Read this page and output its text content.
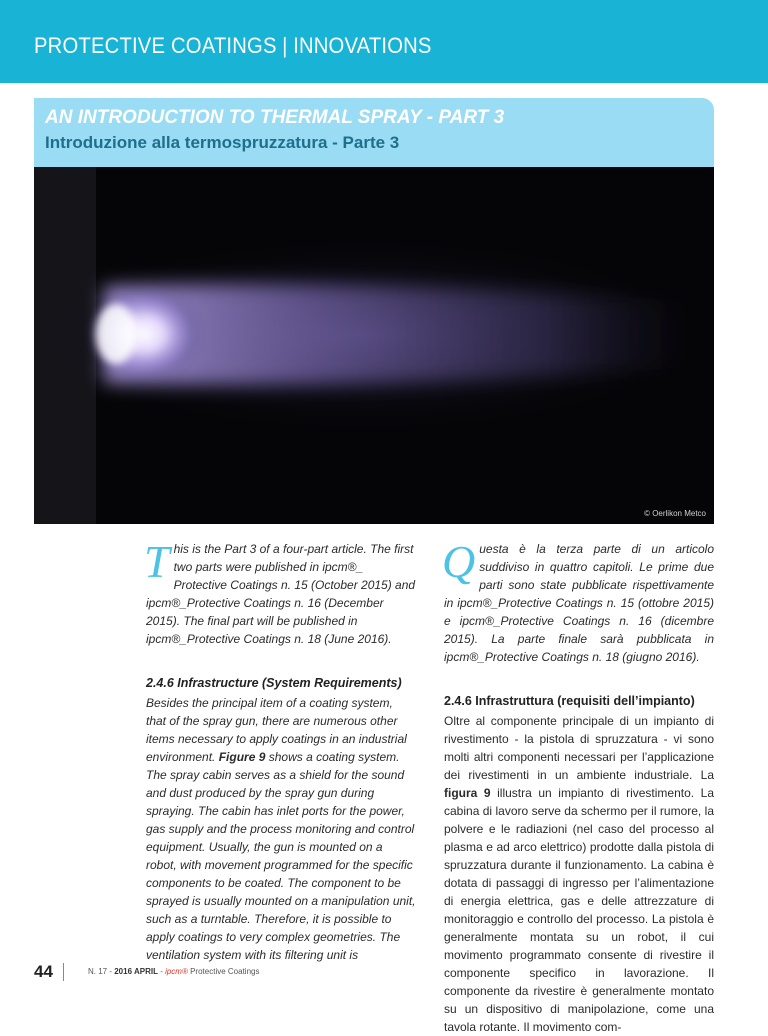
PROTECTIVE COATINGS | INNOVATIONS
AN INTRODUCTION TO THERMAL SPRAY - PART 3
Introduzione alla termospruzzatura - Parte 3
© Oerlikon Metco

This is the Part 3 of a four-part article. The first two parts were published in ipcm®_ Protective Coatings n. 15 (October 2015) and ipcm®_Protective Coatings n. 16 (December 2015). The final part will be published in ipcm®_Protective Coatings n. 18 (June 2016).

2.4.6 Infrastructure (System Requirements)

Besides the principal item of a coating system, that of the spray gun, there are numerous other items necessary to apply coatings in an industrial environment. Figure 9 shows a coating system. The spray cabin serves as a shield for the sound and dust produced by the spray gun during spraying. The cabin has inlet ports for the power, gas supply and the process monitoring and control equipment. Usually, the gun is mounted on a robot, with movement programmed for the specific components to be coated. The component to be sprayed is usually mounted on a manipulation unit, such as a turntable. Therefore, it is possible to apply coatings to very complex geometries. The ventilation system with its filtering unit is

Questa è la terza parte di un articolo suddiviso in quattro capitoli. Le prime due parti sono state pubblicate rispettivamente in ipcm®_Protective Coatings n. 15 (ottobre 2015) e ipcm®_Protective Coatings n. 16 (dicembre 2015). La parte finale sarà pubblicata in ipcm®_Protective Coatings n. 18 (giugno 2016).

2.4.6 Infrastruttura (requisiti dell’impianto)

Oltre al componente principale di un impianto di rivestimento - la pistola di spruzzatura - vi sono molti altri componenti necessari per l’applicazione dei rivestimenti in un ambiente industriale. La figura 9 illustra un impianto di rivestimento. La cabina di lavoro serve da schermo per il rumore, la polvere e le radiazioni (nel caso del processo al plasma e ad arco elettrico) prodotte dalla pistola di spruzzatura durante il funzionamento. La cabina è dotata di passaggi di ingresso per l’alimentazione di energia elettrica, gas e delle attrezzature di monitoraggio e controllo del processo. La pistola è generalmente montata su un robot, il cui movimento programmato consente di rivestire il componente specifico in lavorazione. Il componente da rivestire è generalmente montato su un dispositivo di manipolazione, come una tavola rotante. Il movimento com-

44	N. 17 - 2016 APRIL - ipcm® Protective Coatings
